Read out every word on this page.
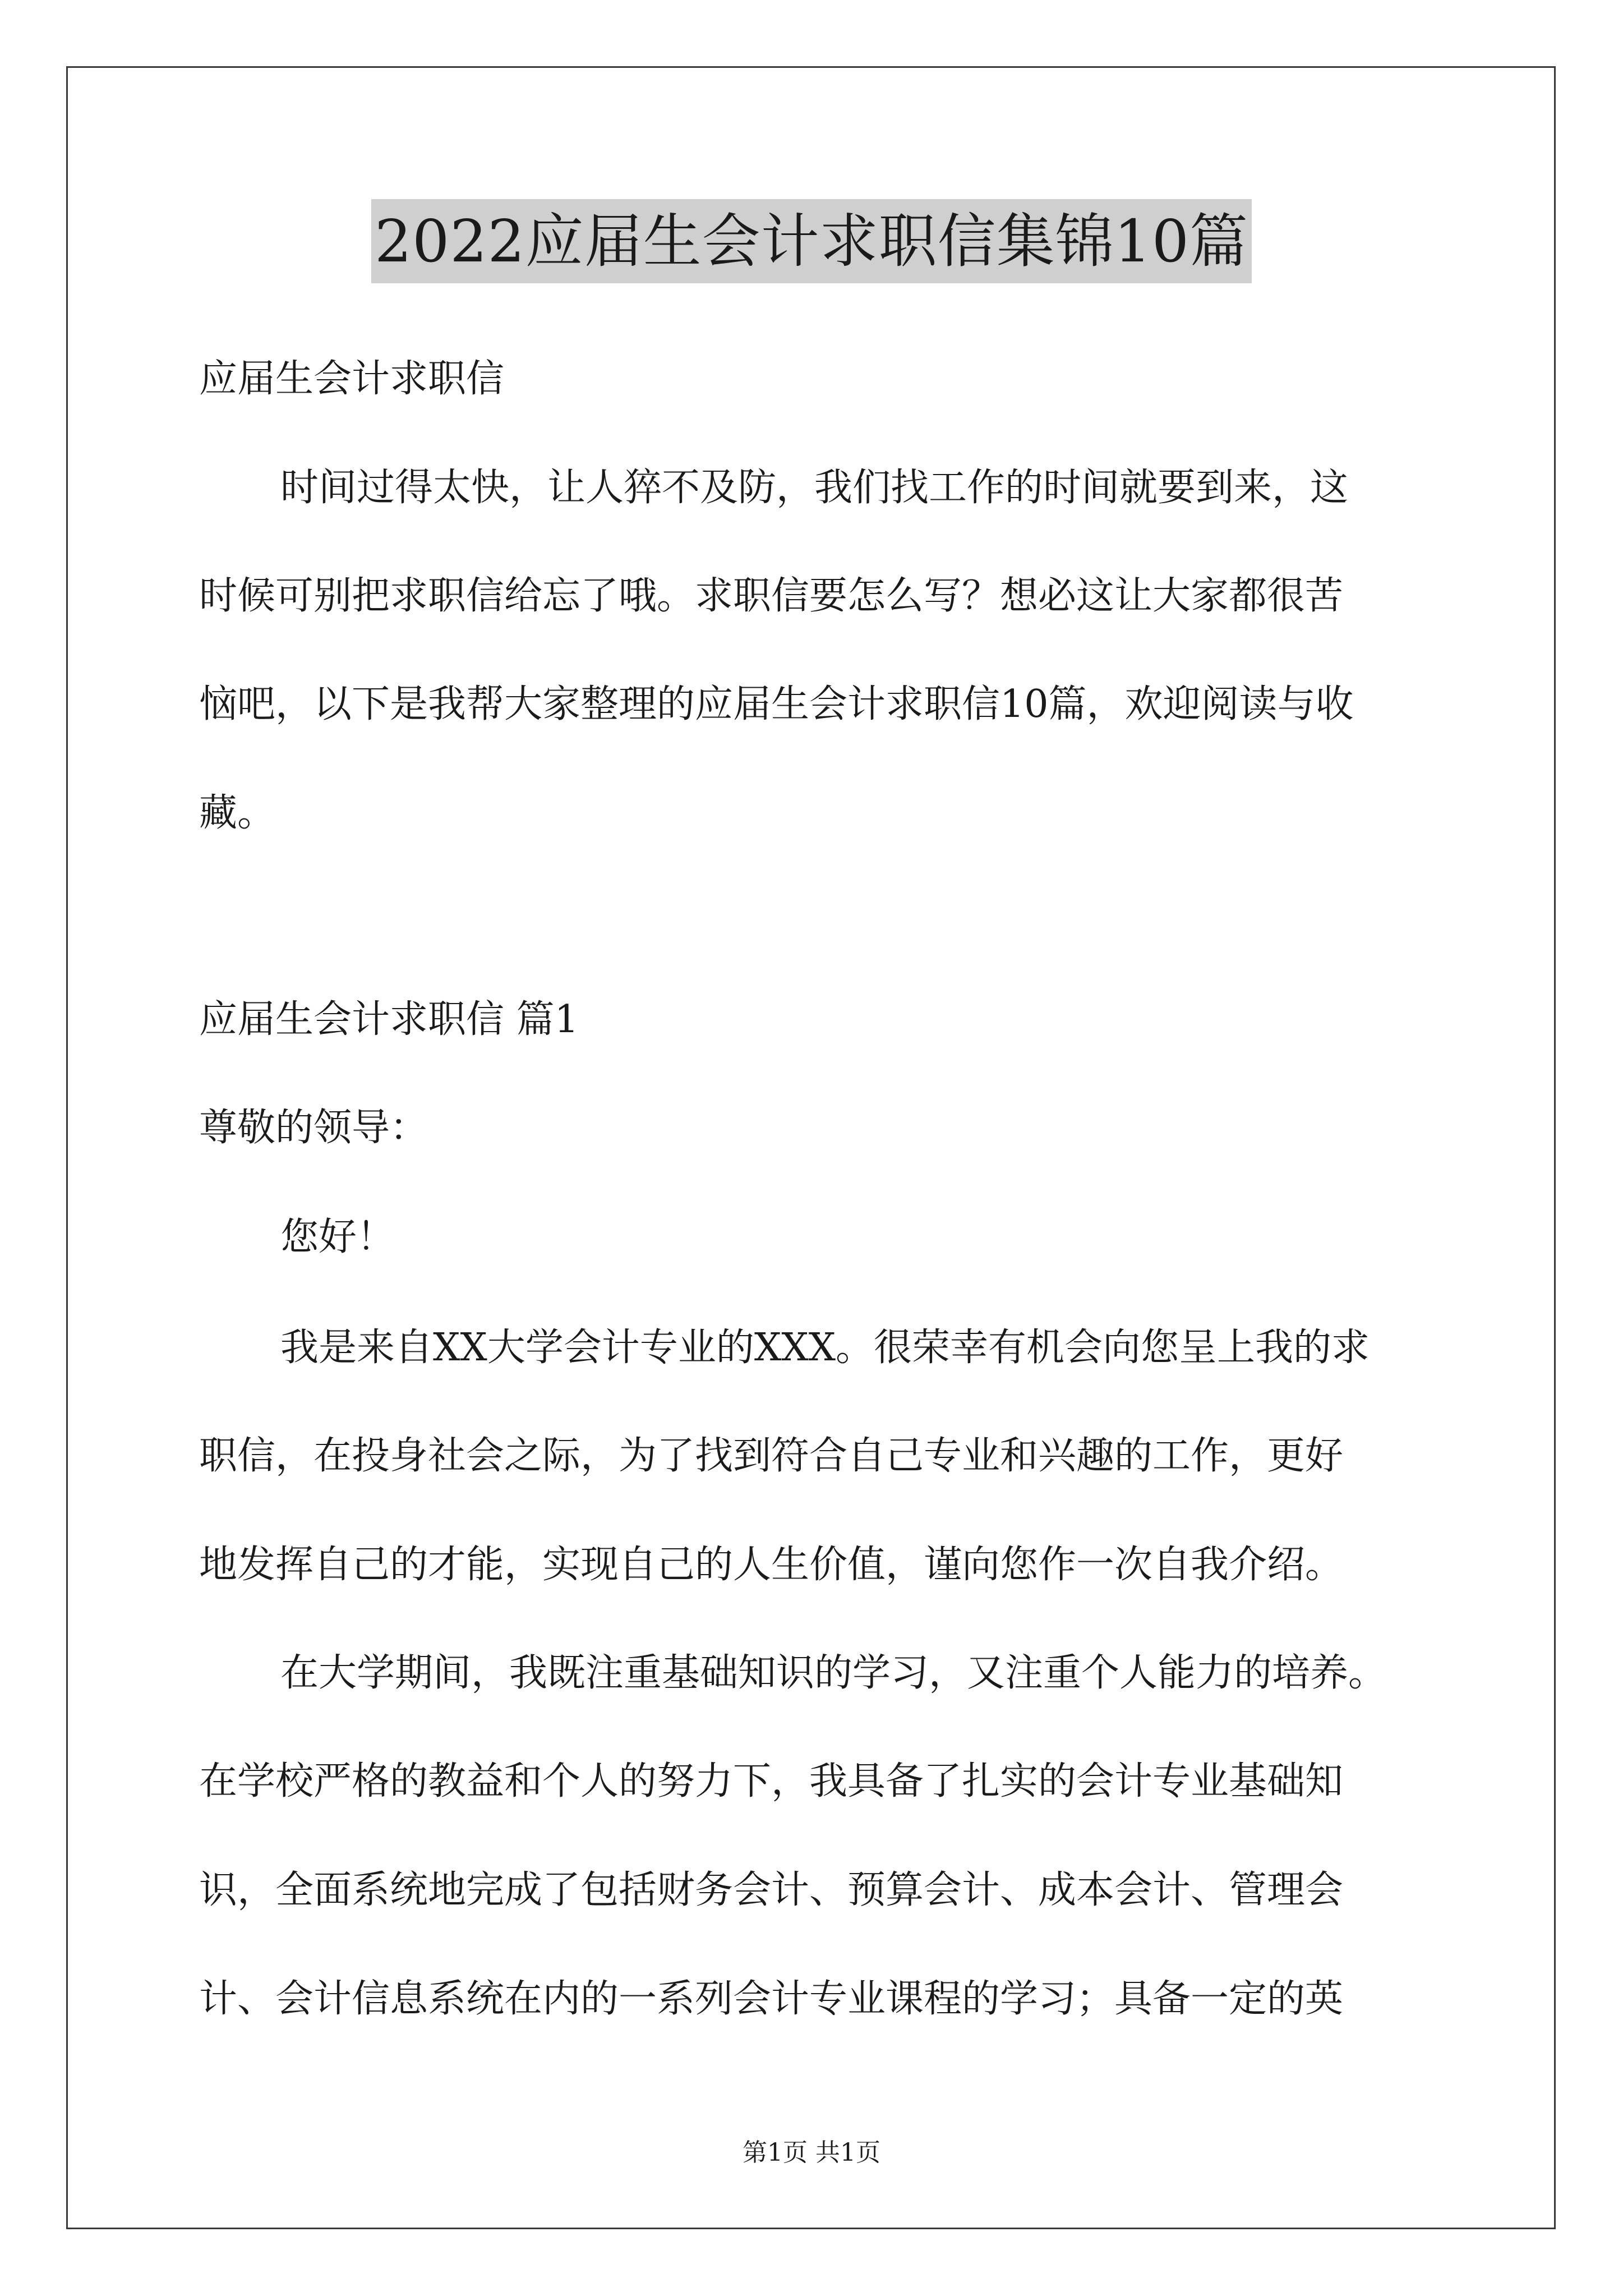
2022应届生会计求职信集锦10篇

应届生会计求职信

时间过得太快，让人猝不及防，我们找工作的时间就要到来，这

时候可别把求职信给忘了哦。求职信要怎么写？想必这让大家都很苦

恼吧，以下是我帮大家整理的应届生会计求职信10篇，欢迎阅读与收

藏。

应届生会计求职信 篇1

尊敬的领导：

您好！

我是来自XX大学会计专业的XXX。很荣幸有机会向您呈上我的求

职信，在投身社会之际，为了找到符合自己专业和兴趣的工作，更好

地发挥自己的才能，实现自己的人生价值，谨向您作一次自我介绍。

在大学期间，我既注重基础知识的学习，又注重个人能力的培养。

在学校严格的教益和个人的努力下，我具备了扎实的会计专业基础知

识，全面系统地完成了包括财务会计、预算会计、成本会计、管理会

计、会计信息系统在内的一系列会计专业课程的学习；具备一定的英

第1页 共1页
